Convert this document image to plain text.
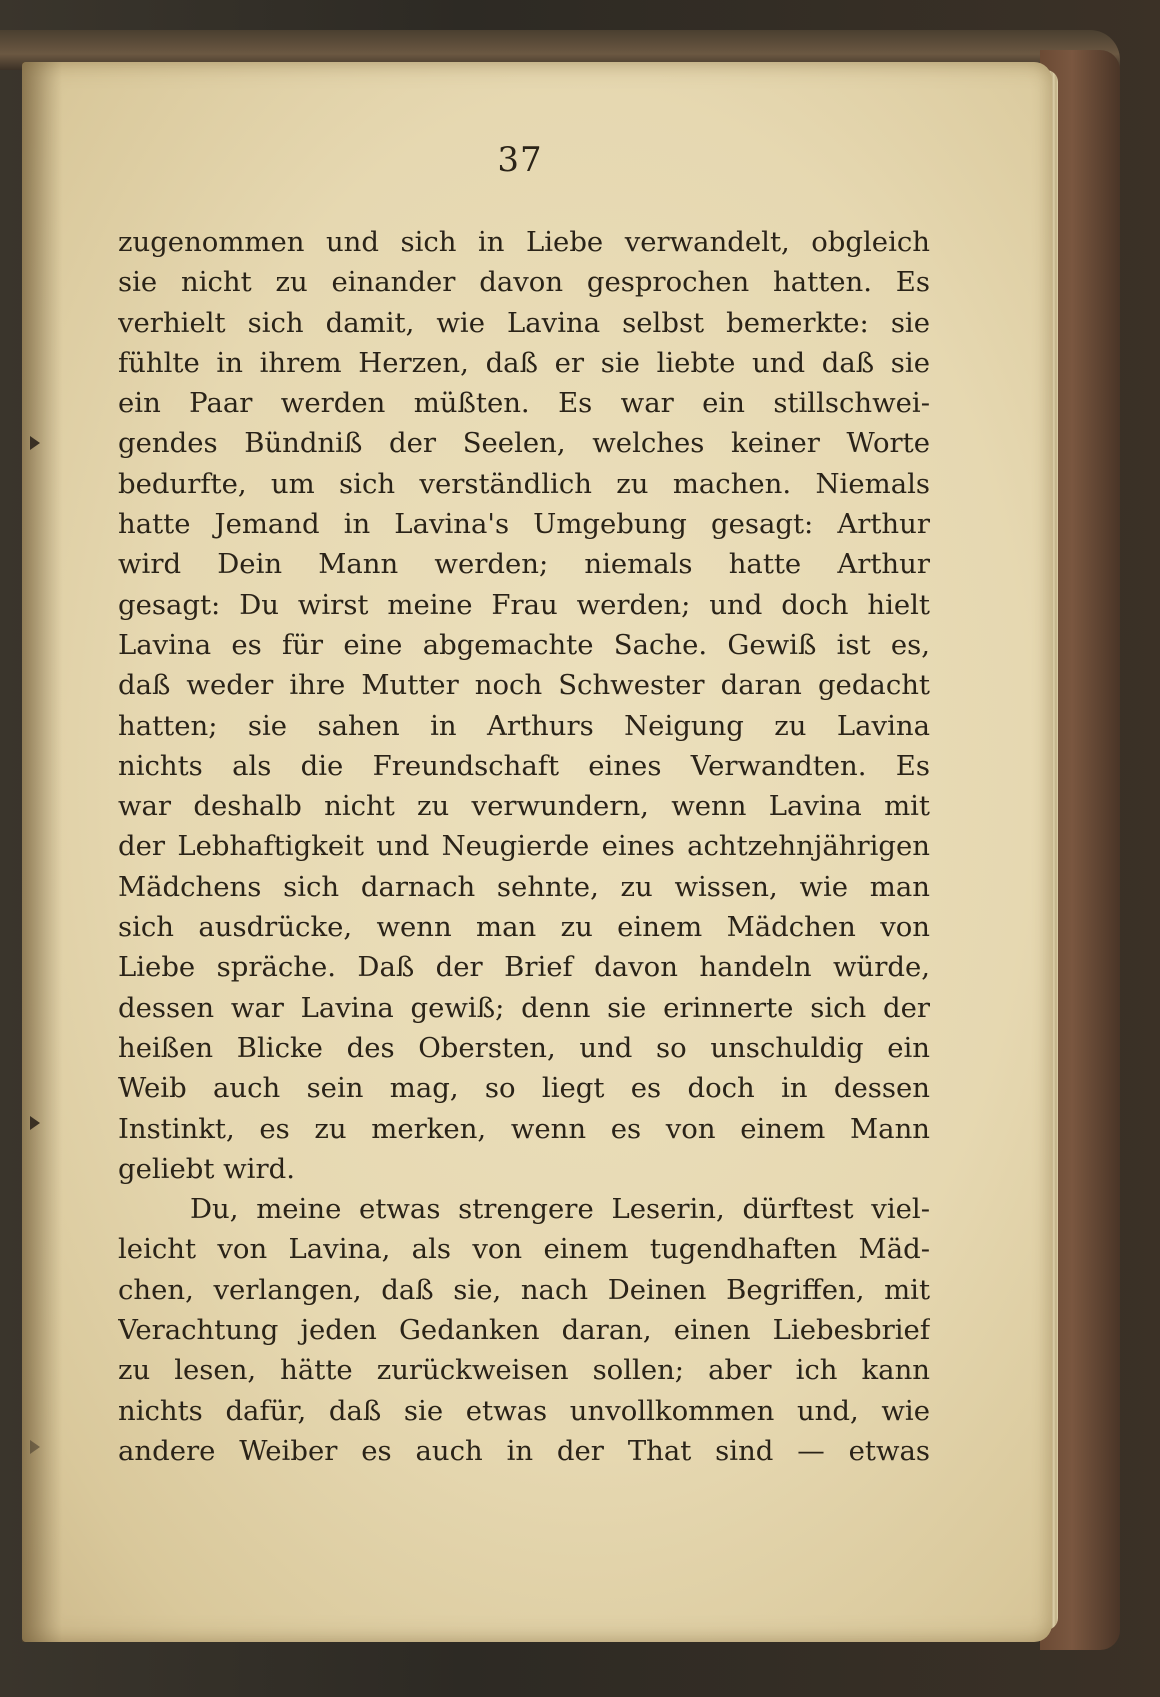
37
zugenommen und sich in Liebe verwandelt, obgleich
sie nicht zu einander davon gesprochen hatten. Es
verhielt sich damit, wie Lavina selbst bemerkte: sie
fühlte in ihrem Herzen, daß er sie liebte und daß sie
ein Paar werden müßten. Es war ein stillschwei-
gendes Bündniß der Seelen, welches keiner Worte
bedurfte, um sich verständlich zu machen. Niemals
hatte Jemand in Lavina's Umgebung gesagt: Arthur
wird Dein Mann werden; niemals hatte Arthur
gesagt: Du wirst meine Frau werden; und doch hielt
Lavina es für eine abgemachte Sache. Gewiß ist es,
daß weder ihre Mutter noch Schwester daran gedacht
hatten; sie sahen in Arthurs Neigung zu Lavina
nichts als die Freundschaft eines Verwandten. Es
war deshalb nicht zu verwundern, wenn Lavina mit
der Lebhaftigkeit und Neugierde eines achtzehnjährigen
Mädchens sich darnach sehnte, zu wissen, wie man
sich ausdrücke, wenn man zu einem Mädchen von
Liebe spräche. Daß der Brief davon handeln würde,
dessen war Lavina gewiß; denn sie erinnerte sich der
heißen Blicke des Obersten, und so unschuldig ein
Weib auch sein mag, so liegt es doch in dessen
Instinkt, es zu merken, wenn es von einem Mann
geliebt wird.
Du, meine etwas strengere Leserin, dürftest viel-
leicht von Lavina, als von einem tugendhaften Mäd-
chen, verlangen, daß sie, nach Deinen Begriffen, mit
Verachtung jeden Gedanken daran, einen Liebesbrief
zu lesen, hätte zurückweisen sollen; aber ich kann
nichts dafür, daß sie etwas unvollkommen und, wie
andere Weiber es auch in der That sind — etwas
